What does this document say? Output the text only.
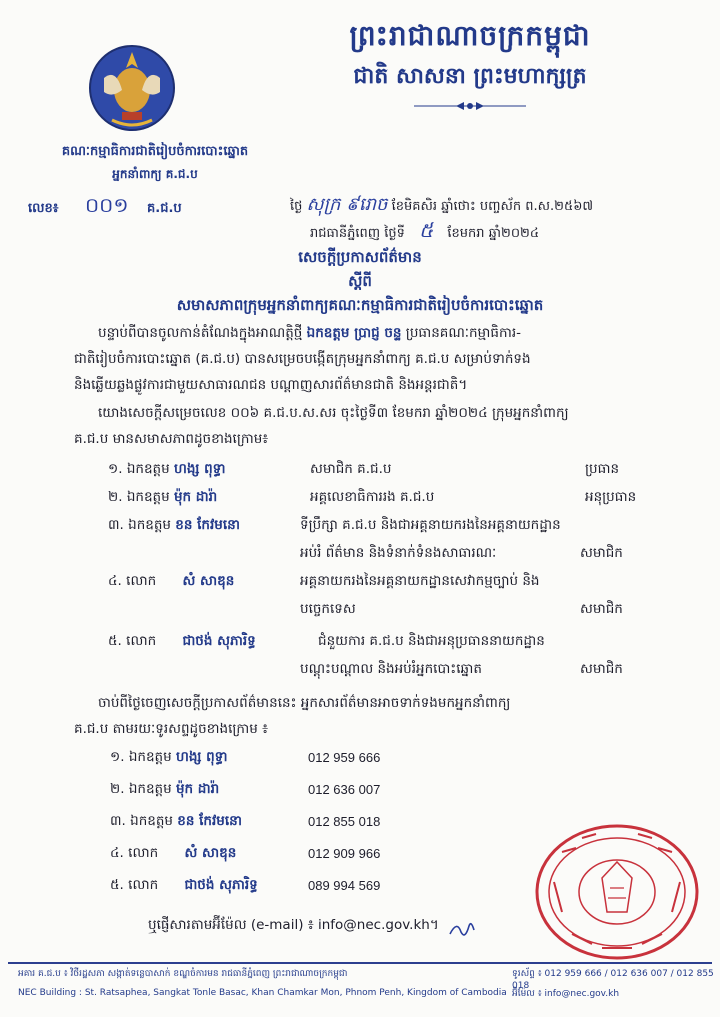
ព្រះរាជាណាចក្រកម្ពុជា
ជាតិ សាសនា ព្រះមហាក្សត្រ
គណៈកម្មាធិការជាតិរៀបចំការបោះឆ្នោត
អ្នកនាំពាក្យ គ.ជ.ប
លេខ៖ ០០១ គ.ជ.ប	ថ្ងៃ សុក្រ ៩រោច ខែមិគសិរ ឆ្នាំថោះ បញ្ចស័ក ព.ស.២៥៦៧
រាជធានីភ្នំពេញ ថ្ងៃទី ៥ ខែមករា ឆ្នាំ២០២៤
សេចក្តីប្រកាសព័ត៌មាន
ស្តីពី
សមាសភាពក្រុមអ្នកនាំពាក្យគណៈកម្មាធិការជាតិរៀបចំការបោះឆ្នោត
បន្ទាប់ពីបានចូលកាន់តំណែងក្នុងអាណត្តិថ្មី ឯកឧត្តម ប្រាជ្ញ ចន្ទ ប្រធានគណៈកម្មាធិការ-
ជាតិរៀបចំការបោះឆ្នោត (គ.ជ.ប) បានសម្រេចបង្កើតក្រុមអ្នកនាំពាក្យ គ.ជ.ប សម្រាប់ទាក់ទង
និងឆ្លើយឆ្លងផ្លូវការជាមួយសាធារណជន បណ្តាញសារព័ត៌មានជាតិ និងអន្តរជាតិ។
យោងសេចក្តីសម្រេចលេខ ០០៦ គ.ជ.ប.ស.សរ ចុះថ្ងៃទី៣ ខែមករា ឆ្នាំ២០២៤ ក្រុមអ្នកនាំពាក្យ
គ.ជ.ប មានសមាសភាពដូចខាងក្រោម៖
១. ឯកឧត្តម ហង្ស ពុទ្ធា	សមាជិក គ.ជ.ប	ប្រធាន
២. ឯកឧត្តម ម៉ុក ដារ៉ា	អគ្គលេខាធិការរង គ.ជ.ប	អនុប្រធាន
៣. ឯកឧត្តម ខន កែវមនោ	ទីប្រឹក្សា គ.ជ.ប និងជាអគ្គនាយករងនៃអគ្គនាយកដ្ឋាន
អប់រំ ព័ត៌មាន និងទំនាក់ទំនងសាធារណៈ	សមាជិក
៤. លោក សំ សាឌុន	អគ្គនាយករងនៃអគ្គនាយកដ្ឋានសេវាកម្មច្បាប់ និង
បច្ចេកទេស	សមាជិក
៥. លោក ជាថង់ សុភារិទ្ធ	ជំនួយការ គ.ជ.ប និងជាអនុប្រធាននាយកដ្ឋាន
បណ្តុះបណ្តាល និងអប់រំអ្នកបោះឆ្នោត	សមាជិក
ចាប់ពីថ្ងៃចេញសេចក្តីប្រកាសព័ត៌មាននេះ អ្នកសារព័ត៌មានអាចទាក់ទងមកអ្នកនាំពាក្យ
គ.ជ.ប តាមរយៈទូរសព្ទដូចខាងក្រោម ៖
១. ឯកឧត្តម ហង្ស ពុទ្ធា	012 959 666
២. ឯកឧត្តម ម៉ុក ដារ៉ា	012 636 007
៣. ឯកឧត្តម ខន កែវមនោ	012 855 018
៤. លោក សំ សាឌុន	012 909 966
៥. លោក ជាថង់ សុភារិទ្ធ	089 994 569
ឬផ្ញើសារតាមអ៊ីម៉ែល (e-mail) ៖ info@nec.gov.kh។
អគារ គ.ជ.ប ៖ វិថីរដ្ឋសភា សង្កាត់ទន្លេបាសាក់ ខណ្ឌចំការមន រាជធានីភ្នំពេញ ព្រះរាជាណាចក្រកម្ពុជា
NEC Building : St. Ratsaphea, Sangkat Tonle Basac, Khan Chamkar Mon, Phnom Penh, Kingdom of Cambodia
ទូរស័ព្ទ ៖ 012 959 666 / 012 636 007 / 012 855 018
អ៊ីម៉ែល ៖ info@nec.gov.kh
